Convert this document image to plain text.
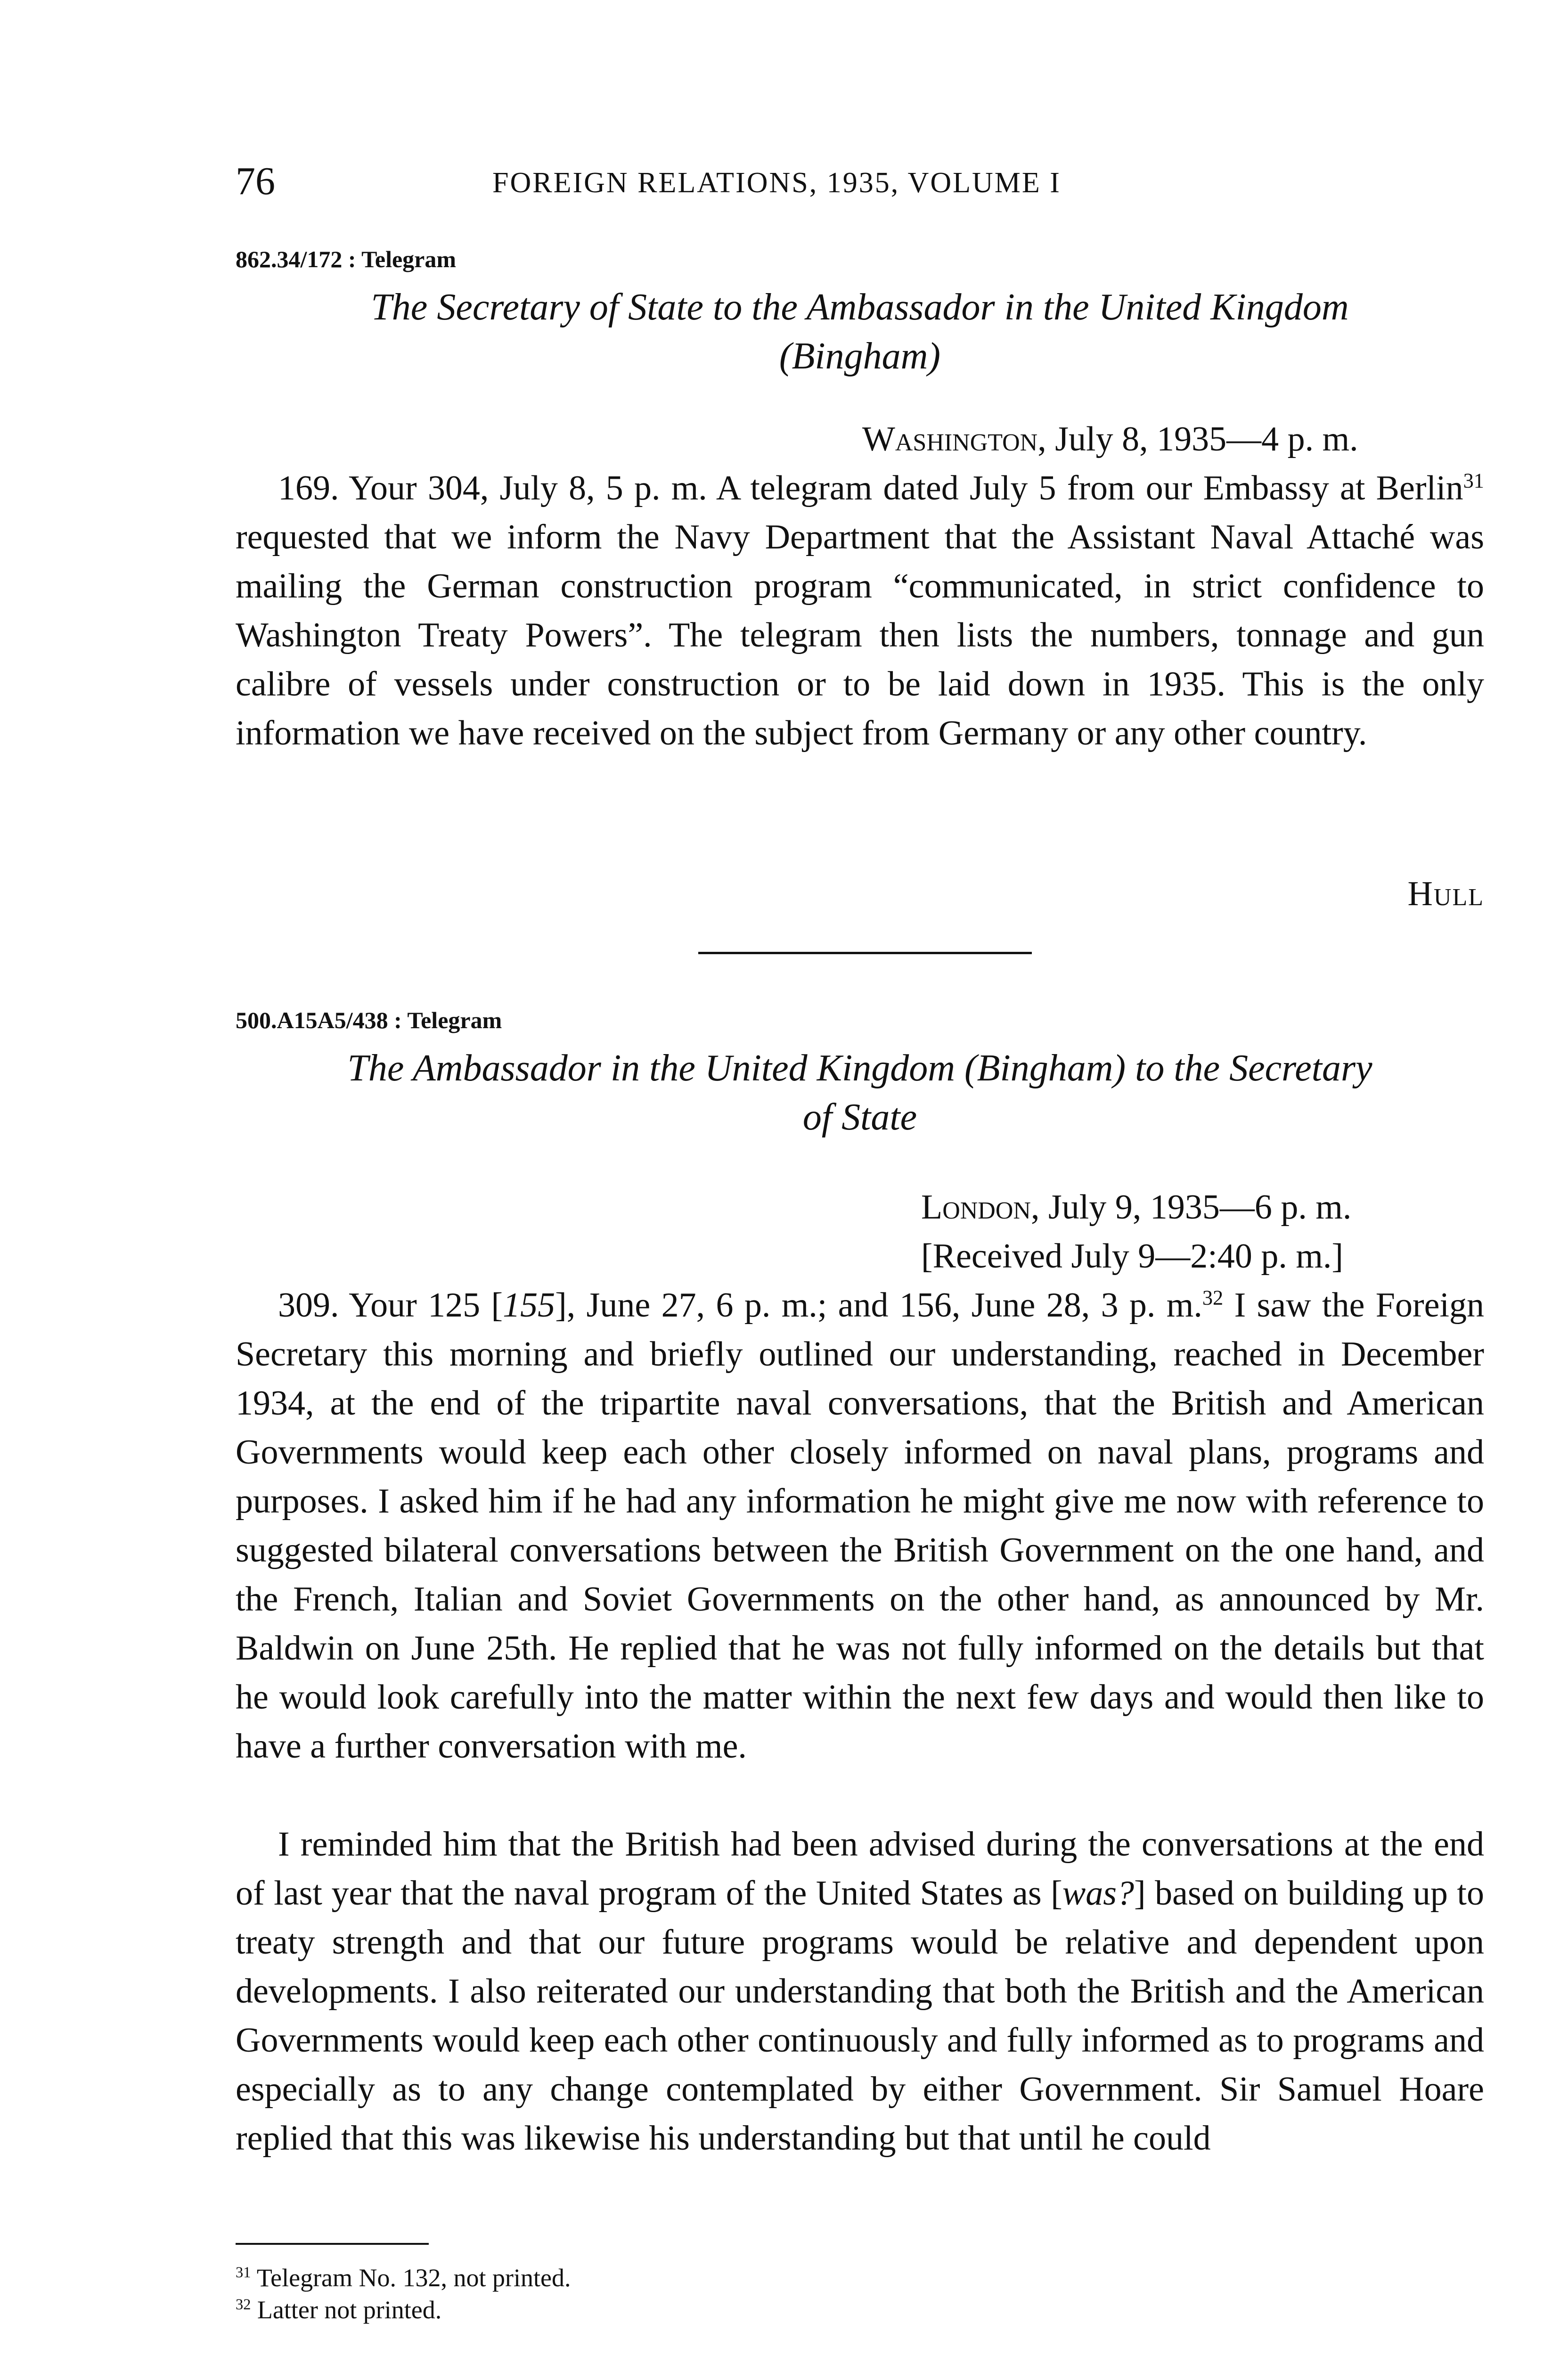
76	FOREIGN RELATIONS, 1935, VOLUME I
862.34/172 : Telegram
The Secretary of State to the Ambassador in the United Kingdom
(Bingham)
Washington, July 8, 1935—4 p. m.

169. Your 304, July 8, 5 p. m. A telegram dated July 5 from our Embassy at Berlin$^{31}$ requested that we inform the Navy Department that the Assistant Naval Attaché was mailing the German construction program “communicated, in strict confidence to Washington Treaty Powers”. The telegram then lists the numbers, tonnage and gun calibre of vessels under construction or to be laid down in 1935. This is the only information we have received on the subject from Germany or any other country.

Hull
500.A15A5/438 : Telegram
The Ambassador in the United Kingdom (Bingham) to the Secretary
of State
London, July 9, 1935—6 p. m.
[Received July 9—2:40 p. m.]

309. Your 125 [155], June 27, 6 p. m.; and 156, June 28, 3 p. m.$^{32}$ I saw the Foreign Secretary this morning and briefly outlined our understanding, reached in December 1934, at the end of the tripartite naval conversations, that the British and American Governments would keep each other closely informed on naval plans, programs and purposes. I asked him if he had any information he might give me now with reference to suggested bilateral conversations between the British Government on the one hand, and the French, Italian and Soviet Governments on the other hand, as announced by Mr. Baldwin on June 25th. He replied that he was not fully informed on the details but that he would look carefully into the matter within the next few days and would then like to have a further conversation with me.

I reminded him that the British had been advised during the conversations at the end of last year that the naval program of the United States as [was?] based on building up to treaty strength and that our future programs would be relative and dependent upon developments. I also reiterated our understanding that both the British and the American Governments would keep each other continuously and fully informed as to programs and especially as to any change contemplated by either Government. Sir Samuel Hoare replied that this was likewise his understanding but that until he could

$^{31}$ Telegram No. 132, not printed.
$^{32}$ Latter not printed.
